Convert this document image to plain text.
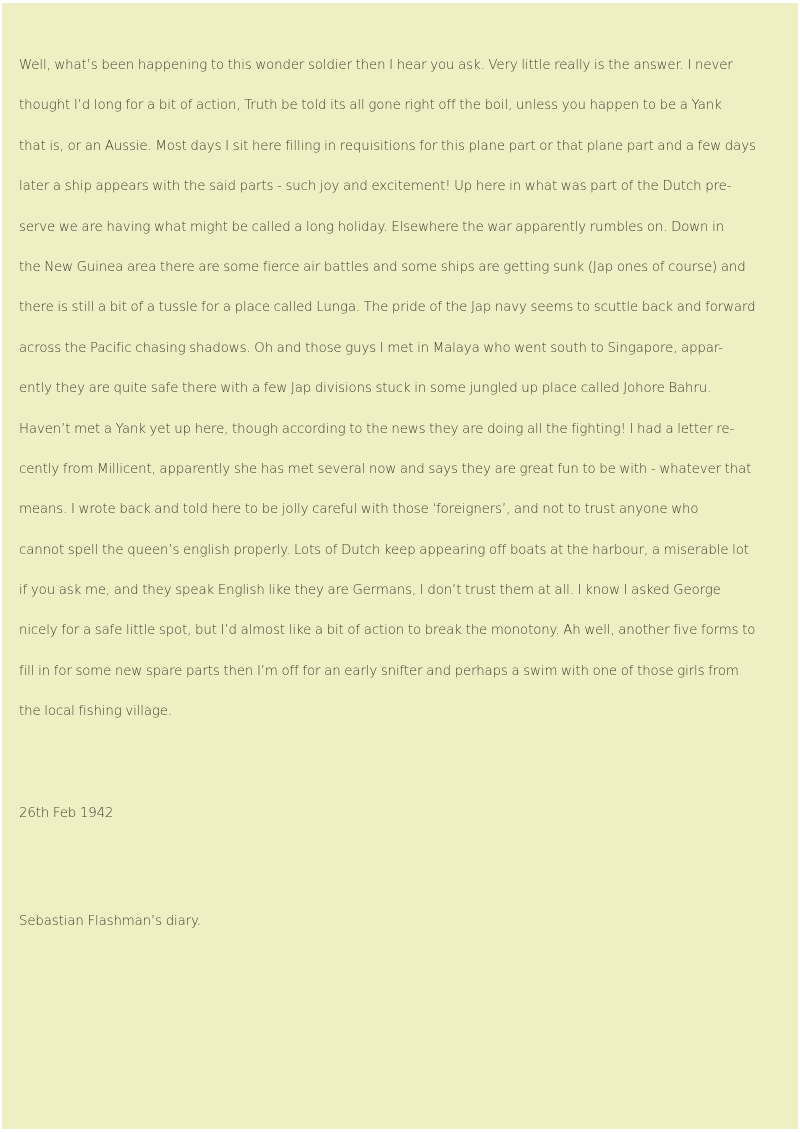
Well, what’s been happening to this wonder soldier then I hear you ask. Very little really is the answer. I never
thought I’d long for a bit of action, Truth be told its all gone right off the boil, unless you happen to be a Yank
that is, or an Aussie. Most days I sit here filling in requisitions for this plane part or that plane part and a few days
later a ship appears with the said parts - such joy and excitement! Up here in what was part of the Dutch pre-
serve we are having what might be called a long holiday. Elsewhere the war apparently rumbles on. Down in
the New Guinea area there are some fierce air battles and some ships are getting sunk (Jap ones of course) and
there is still a bit of a tussle for a place called Lunga. The pride of the Jap navy seems to scuttle back and forward
across the Pacific chasing shadows. Oh and those guys I met in Malaya who went south to Singapore, appar-
ently they are quite safe there with a few Jap divisions stuck in some jungled up place called Johore Bahru.
Haven’t met a Yank yet up here, though according to the news they are doing all the fighting! I had a letter re-
cently from Millicent, apparently she has met several now and says they are great fun to be with - whatever that
means. I wrote back and told here to be jolly careful with those ‘foreigners’, and not to trust anyone who
cannot spell the queen’s english properly. Lots of Dutch keep appearing off boats at the harbour, a miserable lot
if you ask me, and they speak English like they are Germans, I don’t trust them at all. I know I asked George
nicely for a safe little spot, but I’d almost like a bit of action to break the monotony. Ah well, another five forms to
fill in for some new spare parts then I’m off for an early snifter and perhaps a swim with one of those girls from
the local fishing village.
26th Feb 1942
Sebastian Flashman’s diary.
